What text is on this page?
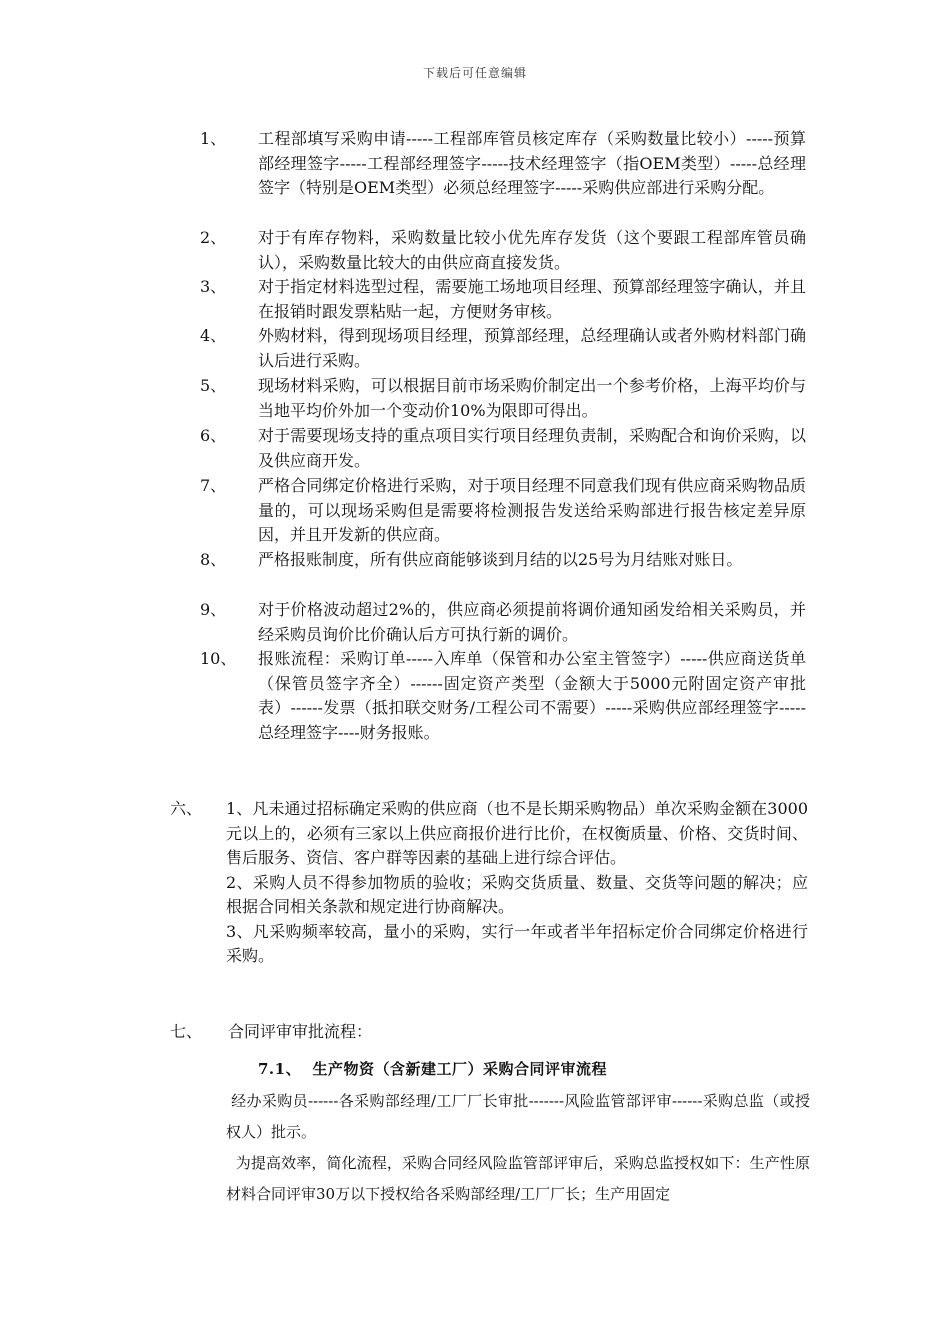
下载后可任意编辑
1、 工程部填写采购申请-----工程部库管员核定库存（采购数量比较小）-----预算部经理签字-----工程部经理签字-----技术经理签字（指OEM类型）-----总经理签字（特别是OEM类型）必须总经理签字-----采购供应部进行采购分配。
2、 对于有库存物料，采购数量比较小优先库存发货（这个要跟工程部库管员确认），采购数量比较大的由供应商直接发货。
3、 对于指定材料选型过程，需要施工场地项目经理、预算部经理签字确认，并且在报销时跟发票粘贴一起，方便财务审核。
4、 外购材料，得到现场项目经理，预算部经理，总经理确认或者外购材料部门确认后进行采购。
5、 现场材料采购，可以根据目前市场采购价制定出一个参考价格，上海平均价与当地平均价外加一个变动价10%为限即可得出。
6、 对于需要现场支持的重点项目实行项目经理负责制，采购配合和询价采购，以及供应商开发。
7、 严格合同绑定价格进行采购，对于项目经理不同意我们现有供应商采购物品质量的，可以现场采购但是需要将检测报告发送给采购部进行报告核定差异原因，并且开发新的供应商。
8、 严格报账制度，所有供应商能够谈到月结的以25号为月结账对账日。
9、 对于价格波动超过2%的，供应商必须提前将调价通知函发给相关采购员，并经采购员询价比价确认后方可执行新的调价。
10、 报账流程：采购订单-----入库单（保管和办公室主管签字）-----供应商送货单（保管员签字齐全）------固定资产类型（金额大于5000元附固定资产审批表）------发票（抵扣联交财务/工程公司不需要）-----采购供应部经理签字-----总经理签字----财务报账。
六、 1、凡未通过招标确定采购的供应商（也不是长期采购物品）单次采购金额在3000元以上的，必须有三家以上供应商报价进行比价，在权衡质量、价格、交货时间、售后服务、资信、客户群等因素的基础上进行综合评估。

2、采购人员不得参加物质的验收；采购交货质量、数量、交货等问题的解决；应根据合同相关条款和规定进行协商解决。

3、凡采购频率较高，量小的采购，实行一年或者半年招标定价合同绑定价格进行采购。

七、 合同评审审批流程：
7.1、  生产物资（含新建工厂）采购合同评审流程

经办采购员------各采购部经理/工厂厂长审批-------风险监管部评审------采购总监（或授权人）批示。

为提高效率，简化流程，采购合同经风险监管部评审后，采购总监授权如下：生产性原材料合同评审30万以下授权给各采购部经理/工厂厂长；生产用固定
